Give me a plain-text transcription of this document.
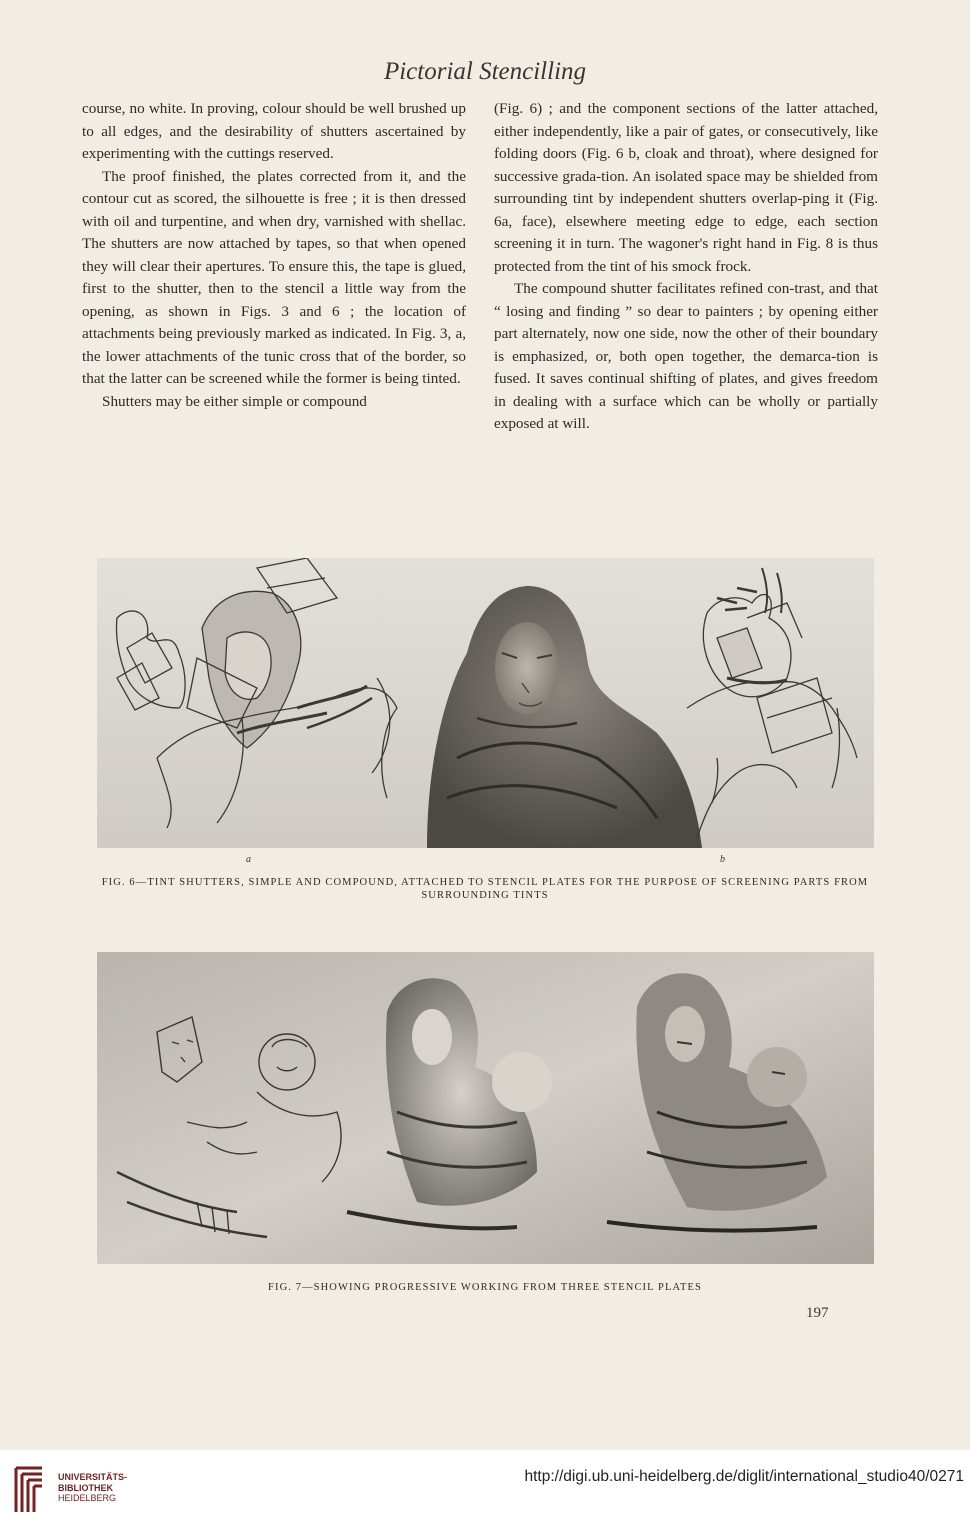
Pictorial Stencilling

course, no white. In proving, colour should be well brushed up to all edges, and the desirability of shutters ascertained by experimenting with the cuttings reserved.

The proof finished, the plates corrected from it, and the contour cut as scored, the silhouette is free ; it is then dressed with oil and turpentine, and when dry, varnished with shellac. The shutters are now attached by tapes, so that when opened they will clear their apertures. To ensure this, the tape is glued, first to the shutter, then to the stencil a little way from the opening, as shown in Figs. 3 and 6 ; the location of attachments being previously marked as indicated. In Fig. 3, a, the lower attachments of the tunic cross that of the border, so that the latter can be screened while the former is being tinted.

Shutters may be either simple or compound

(Fig. 6) ; and the component sections of the latter attached, either independently, like a pair of gates, or consecutively, like folding doors (Fig. 6 b, cloak and throat), where designed for successive grada-tion. An isolated space may be shielded from surrounding tint by independent shutters overlap-ping it (Fig. 6a, face), elsewhere meeting edge to edge, each section screening it in turn. The wagoner's right hand in Fig. 8 is thus protected from the tint of his smock frock.

The compound shutter facilitates refined con-trast, and that “ losing and finding ” so dear to painters ; by opening either part alternately, now one side, now the other of their boundary is emphasized, or, both open together, the demarca-tion is fused. It saves continual shifting of plates, and gives freedom in dealing with a surface which can be wholly or partially exposed at will.

a	b
FIG. 6—TINT SHUTTERS, SIMPLE AND COMPOUND, ATTACHED TO STENCIL PLATES FOR THE PURPOSE OF SCREENING PARTS FROM SURROUNDING TINTS
FIG. 7—SHOWING PROGRESSIVE WORKING FROM THREE STENCIL PLATES
197
UNIVERSITÄTS-
BIBLIOTHEK
HEIDELBERG
http://digi.ub.uni-heidelberg.de/diglit/international_studio40/0271
